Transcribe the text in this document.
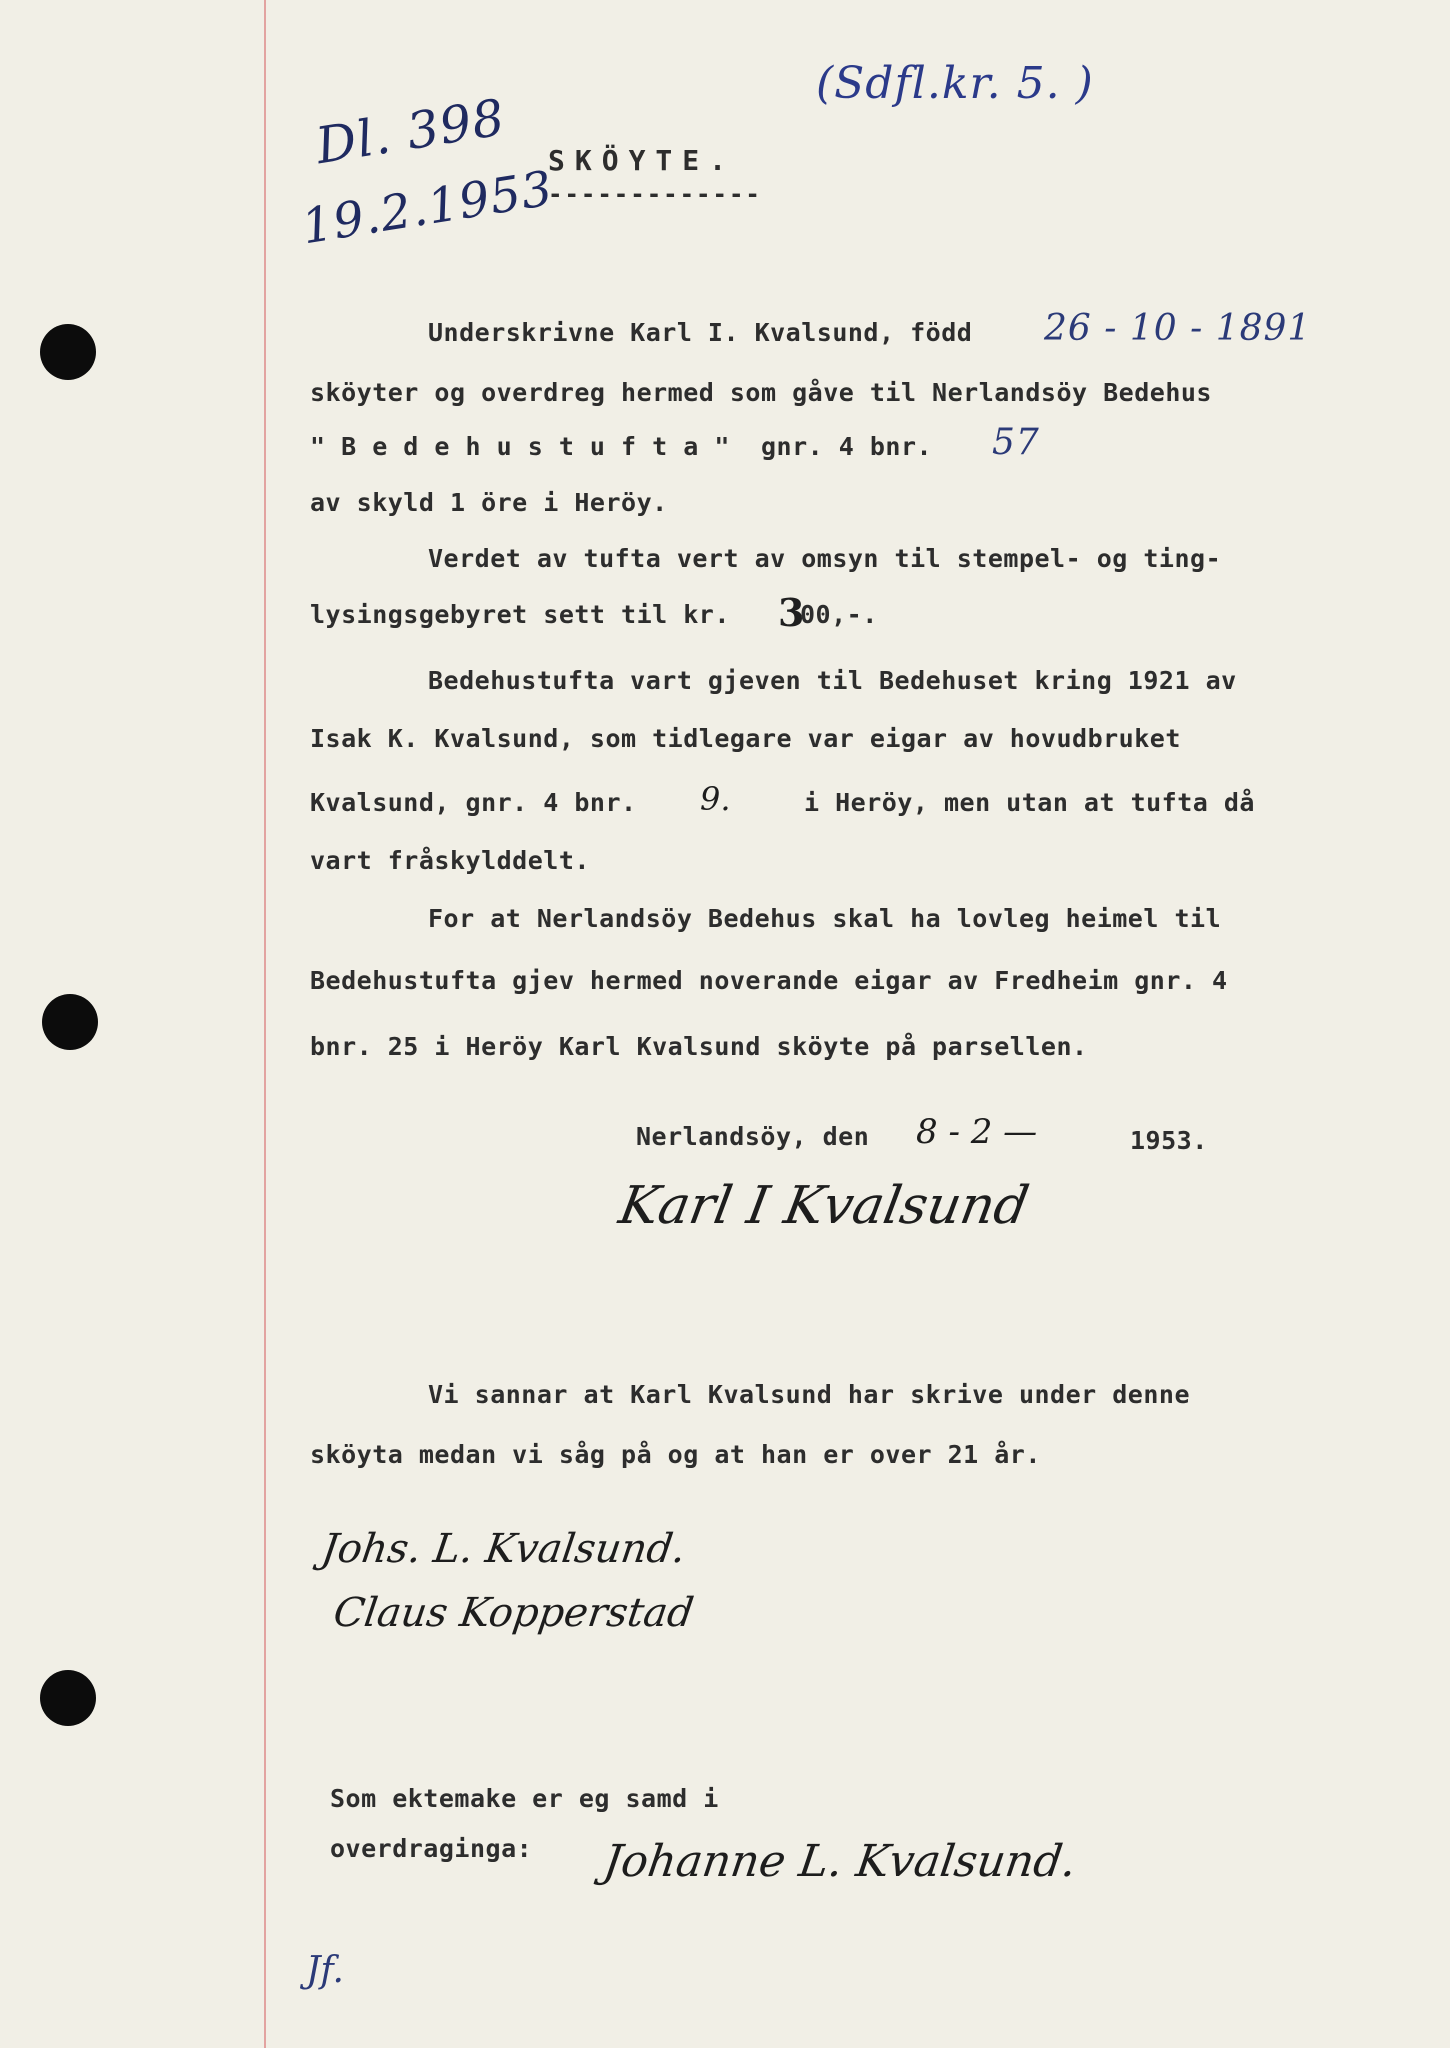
(Sdfl.kr. 5. )
Dl. 398
19.2.1953
SKÖYTE.
-------------
Underskrivne Karl I. Kvalsund, född 26 - 10 - 1891
sköyter og overdreg hermed som gåve til Nerlandsöy Bedehus
" B e d e h u s t u f t a "  gnr. 4 bnr. 57
av skyld 1 öre i Heröy.
Verdet av tufta vert av omsyn til stempel- og ting-
lysingsgebyret sett til kr. 3
00,-.
Bedehustufta vart gjeven til Bedehuset kring 1921 av
Isak K. Kvalsund, som tidlegare var eigar av hovudbruket
Kvalsund, gnr. 4 bnr. 9.	i Heröy, men utan at tufta då
vart fråskylddelt.
For at Nerlandsöy Bedehus skal ha lovleg heimel til
Bedehustufta gjev hermed noverande eigar av Fredheim gnr. 4
bnr. 25 i Heröy Karl Kvalsund sköyte på parsellen.
Nerlandsöy, den 8 - 2 —	1953.
Karl I Kvalsund
Vi sannar at Karl Kvalsund har skrive under denne
sköyta medan vi såg på og at han er over 21 år.
Johs. L. Kvalsund.
Claus Kopperstad
Som ektemake er eg samd i
overdraginga: Johanne L. Kvalsund.
Jf.
